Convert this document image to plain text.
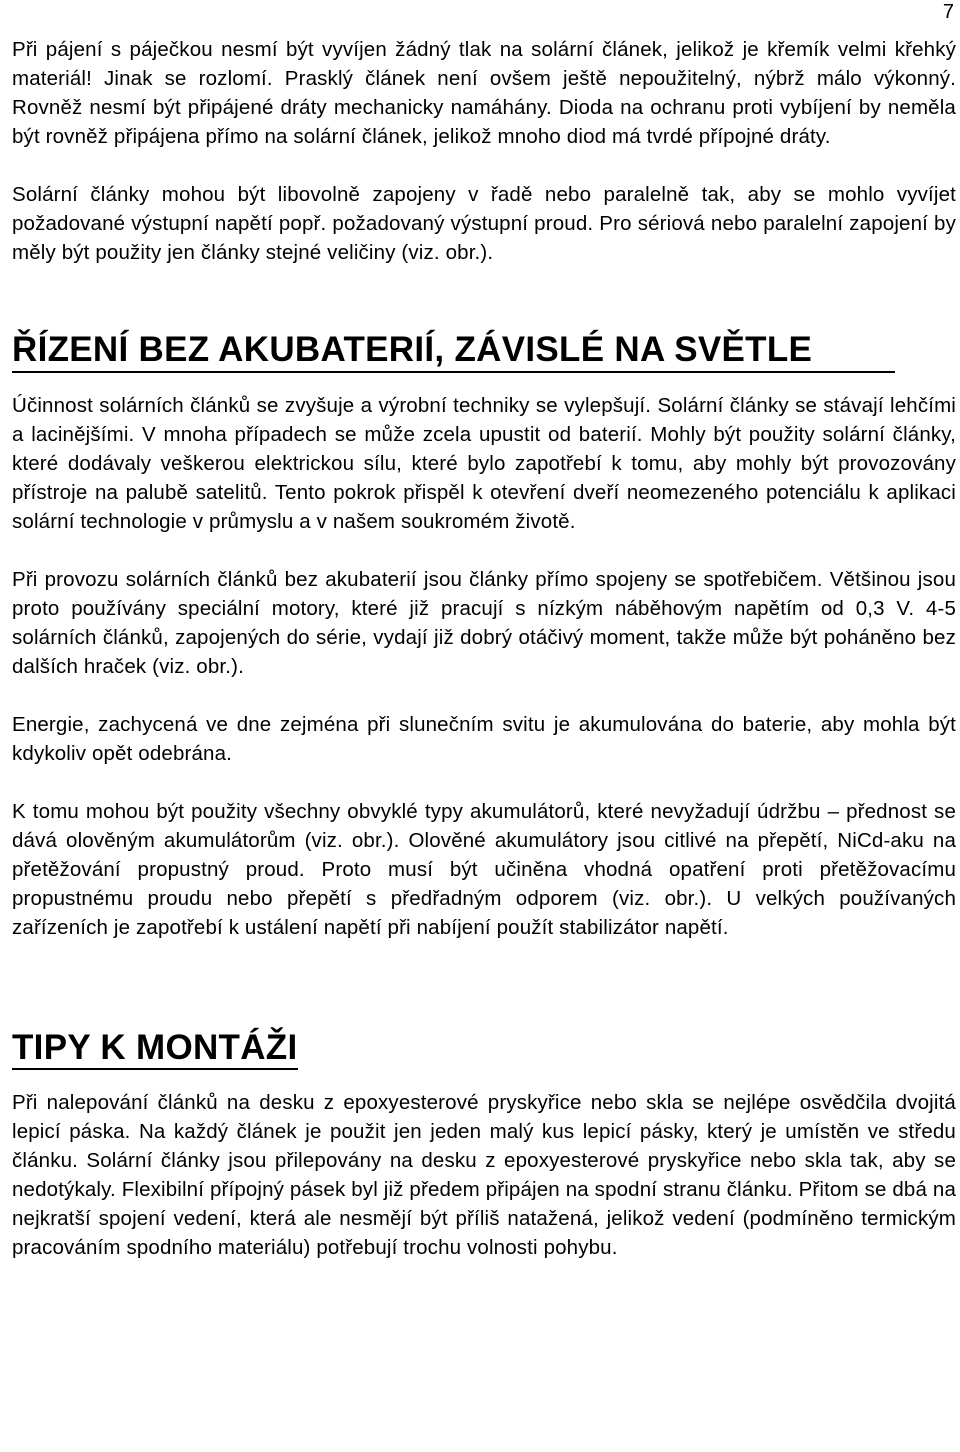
7

Při pájení s páječkou nesmí být vyvíjen žádný tlak na solární článek, jelikož je křemík velmi křehký materiál! Jinak se rozlomí. Prasklý článek není ovšem ještě nepoužitelný, nýbrž málo výkonný. Rovněž nesmí být připájené dráty mechanicky namáhány. Dioda na ochranu proti vybíjení by neměla být rovněž připájena přímo na solární článek, jelikož mnoho diod má tvrdé přípojné dráty.

Solární články mohou být libovolně zapojeny v řadě nebo paralelně tak, aby se mohlo vyvíjet požadované výstupní napětí popř. požadovaný výstupní proud. Pro sériová nebo paralelní zapojení by měly být použity jen články stejné veličiny (viz. obr.).

ŘÍZENÍ BEZ AKUBATERIÍ, ZÁVISLÉ NA SVĚTLE

Účinnost solárních článků se zvyšuje a výrobní techniky se vylepšují. Solární články se stávají lehčími a lacinějšími. V mnoha případech se může zcela upustit od baterií. Mohly být použity solární články, které dodávaly veškerou elektrickou sílu, které bylo zapotřebí k tomu, aby mohly být provozovány přístroje na palubě satelitů. Tento pokrok přispěl k otevření dveří neomezeného potenciálu k aplikaci solární technologie v průmyslu a v našem soukromém životě.

Při provozu solárních článků bez akubaterií jsou články přímo spojeny se spotřebičem. Většinou jsou proto používány speciální motory, které již pracují s nízkým náběhovým napětím od 0,3 V. 4-5 solárních článků, zapojených do série, vydají již dobrý otáčivý moment, takže může být poháněno bez dalších hraček (viz. obr.).

Energie, zachycená ve dne zejména při slunečním svitu je akumulována do baterie, aby mohla být kdykoliv opět odebrána.

K tomu mohou být použity všechny obvyklé typy akumulátorů, které nevyžadují údržbu – přednost se dává olověným akumulátorům (viz. obr.). Olověné akumulátory jsou citlivé na přepětí, NiCd-aku na přetěžování propustný proud. Proto musí být učiněna vhodná opatření proti přetěžovacímu propustnému proudu nebo přepětí s předřadným odporem (viz. obr.). U velkých používaných zařízeních je zapotřebí k ustálení napětí při nabíjení použít stabilizátor napětí.

TIPY K MONTÁŽI

Při nalepování článků na desku z epoxyesterové pryskyřice nebo skla se nejlépe osvědčila dvojitá lepicí páska. Na každý článek je použit jen jeden malý kus lepicí pásky, který je umístěn ve středu článku. Solární články jsou přilepovány na desku z epoxyesterové pryskyřice nebo skla tak, aby se nedotýkaly. Flexibilní přípojný pásek byl již předem připájen na spodní stranu článku. Přitom se dbá na nejkratší spojení vedení, která ale nesmějí být příliš natažená, jelikož vedení (podmíněno termickým pracováním spodního materiálu) potřebují trochu volnosti pohybu.
